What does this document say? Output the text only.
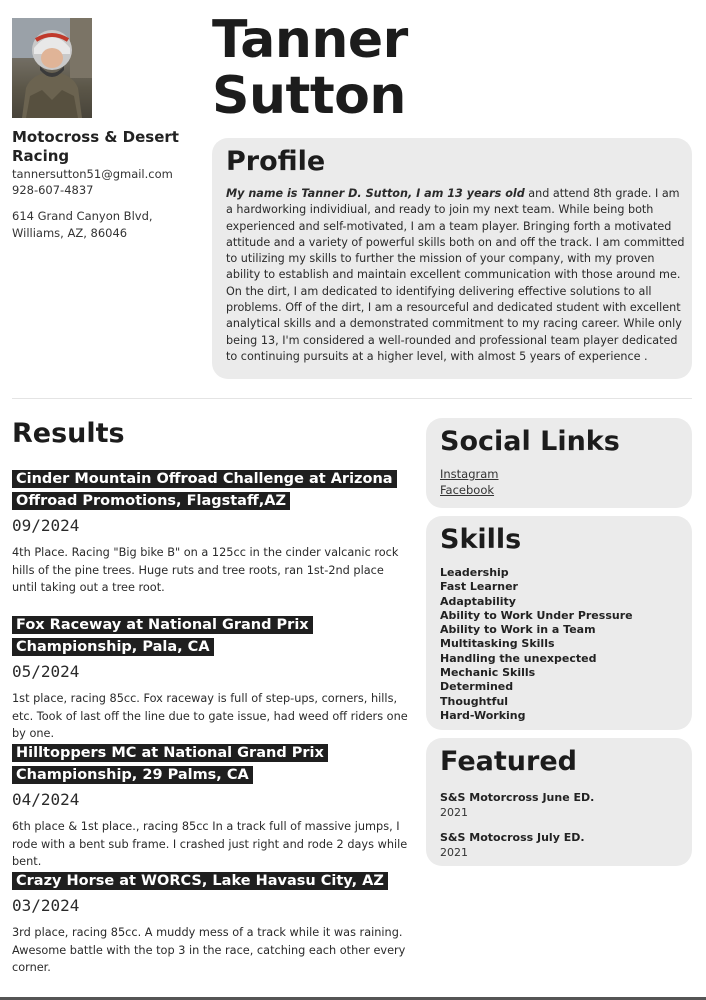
Tanner
Sutton
Motocross & Desert Racing
tannersutton51@gmail.com
928-607-4837
614 Grand Canyon Blvd, Williams, AZ, 86046
Profile

My name is Tanner D. Sutton, I am 13 years old and attend 8th grade. I am a hardworking individiual, and ready to join my next team. While being both experienced and self-motivated, I am a team player. Bringing forth a motivated attitude and a variety of powerful skills both on and off the track. I am committed to utilizing my skills to further the mission of your company, with my proven ability to establish and maintain excellent communication with those around me. On the dirt, I am dedicated to identifying delivering effective solutions to all problems. Off of the dirt, I am a resourceful and dedicated student with excellent analytical skills and a demonstrated commitment to my racing career. While only being 13, I'm considered a well-rounded and professional team player dedicated to continuing pursuits at a higher level, with almost 5 years of experience .

Results
Cinder Mountain Offroad Challenge at Arizona
Offroad Promotions, Flagstaff,AZ
09/2024
4th Place. Racing "Big bike B" on a 125cc in the cinder valcanic rock hills of the pine trees. Huge ruts and tree roots, ran 1st-2nd place until taking out a tree root.
Fox Raceway at National Grand Prix
Championship, Pala, CA
05/2024
1st place, racing 85cc. Fox raceway is full of step-ups, corners, hills, etc. Took of last off the line due to gate issue, had weed off riders one by one.
Hilltoppers MC at National Grand Prix
Championship, 29 Palms, CA
04/2024
6th place & 1st place., racing 85cc In a track full of massive jumps, I rode with a bent sub frame. I crashed just right and rode 2 days while bent.
Crazy Horse at WORCS, Lake Havasu City, AZ
03/2024
3rd place, racing 85cc. A muddy mess of a track while it was raining. Awesome battle with the top 3 in the race, catching each other every corner.
Social Links
Instagram
Facebook
Skills
Leadership
Fast Learner
Adaptability
Ability to Work Under Pressure
Ability to Work in a Team
Multitasking Skills
Handling the unexpected
Mechanic Skills
Determined
Thoughtful
Hard-Working
Featured
S&S Motorcross June ED.
2021
S&S Motocross July ED.
2021
